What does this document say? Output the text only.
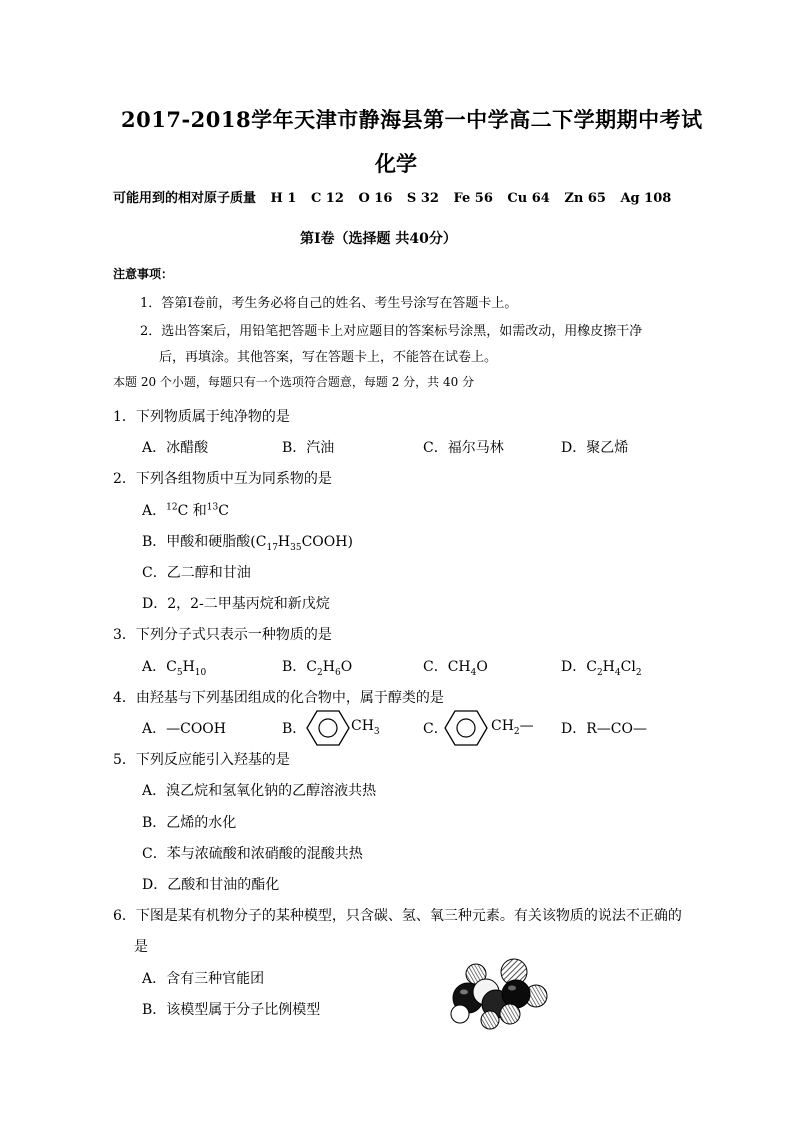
2017-2018学年天津市静海县第一中学高二下学期期中考试
化学
可能用到的相对原子质量 H 1 C 12 O 16 S 32 Fe 56 Cu 64 Zn 65 Ag 108
第Ⅰ卷（选择题 共40分）
注意事项：
1．答第Ⅰ卷前，考生务必将自己的姓名、考生号涂写在答题卡上。
2．选出答案后，用铅笔把答题卡上对应题目的答案标号涂黑，如需改动，用橡皮擦干净
后，再填涂。其他答案，写在答题卡上，不能答在试卷上。
本题 20 个小题，每题只有一个选项符合题意，每题 2 分，共 40 分
1．下列物质属于纯净物的是
A．冰醋酸	B．汽油	C．福尔马林	D．聚乙烯
2．下列各组物质中互为同系物的是
A．$^{12}$C 和$^{13}$C
B．甲酸和硬脂酸$(C_{17}H_{35}COOH)$
C．乙二醇和甘油
D．2，2-二甲基丙烷和新戊烷
3．下列分子式只表示一种物质的是
A．$C_5H_{10}$	B．$C_2H_6O$	C．$CH_4O$	D．$C_2H_4Cl_2$
4．由羟基与下列基团组成的化合物中，属于醇类的是
A．—COOH	B．	$CH_3$	C．	$CH_2—$ D．R—CO—
5．下列反应能引入羟基的是
A．溴乙烷和氢氧化钠的乙醇溶液共热
B．乙烯的水化
C．苯与浓硫酸和浓硝酸的混酸共热
D．乙酸和甘油的酯化
6．下图是某有机物分子的某种模型，只含碳、氢、氧三种元素。有关该物质的说法不正确的
是
A．含有三种官能团
B．该模型属于分子比例模型
